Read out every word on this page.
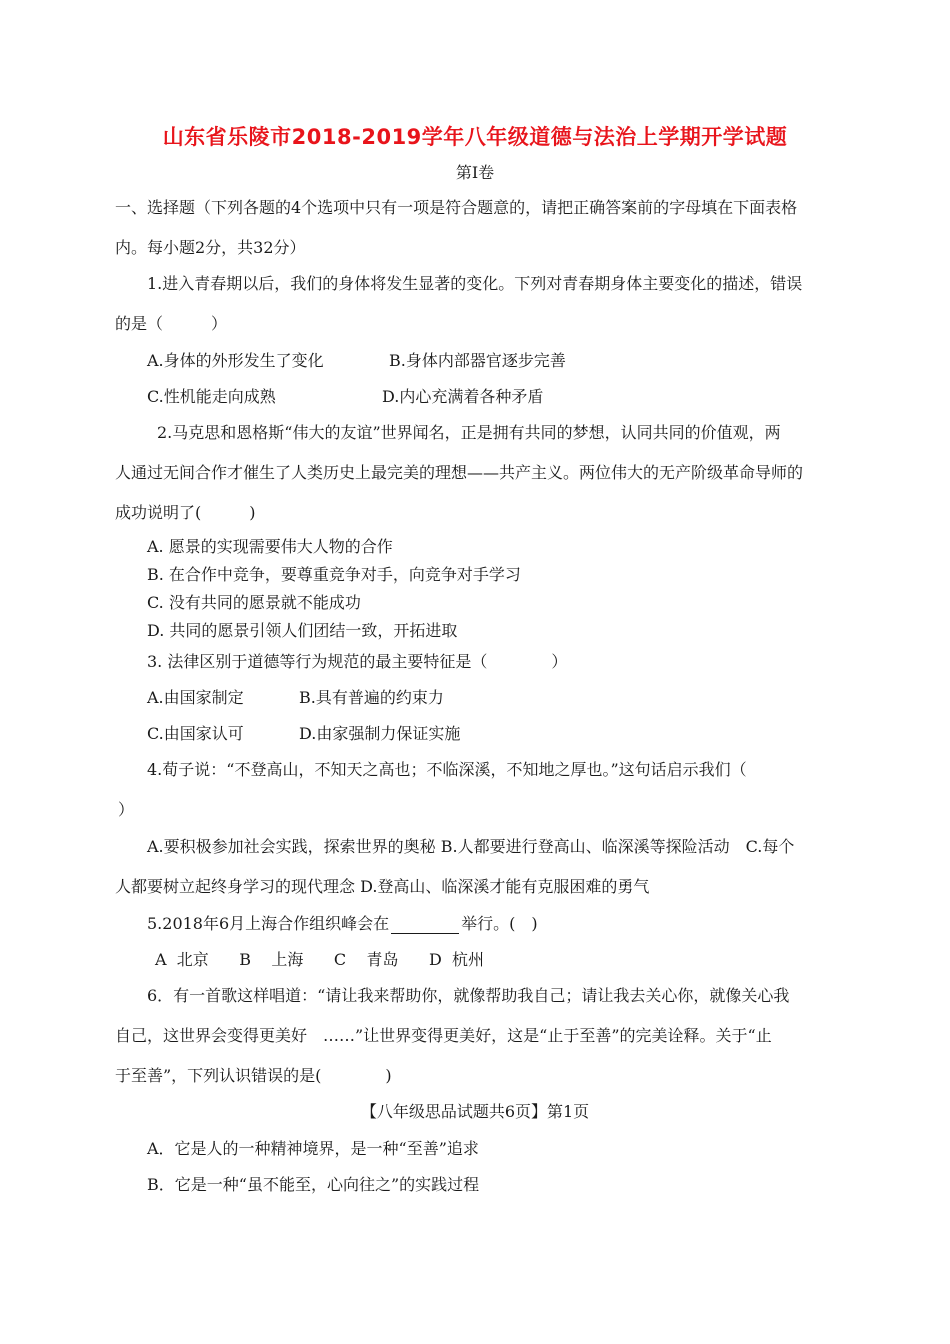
山东省乐陵市2018-2019学年八年级道德与法治上学期开学试题
第Ⅰ卷
一、选择题（下列各题的4个选项中只有一项是符合题意的，请把正确答案前的字母填在下面表格
内。每小题2分，共32分）
1.进入青春期以后，我们的身体将发生显著的变化。下列对青春期身体主要变化的描述，错误
的是（　　　）
A.身体的外形发生了变化	B.身体内部器官逐步完善
C.性机能走向成熟	D.内心充满着各种矛盾
2.马克思和恩格斯“伟大的友谊”世界闻名，正是拥有共同的梦想，认同共同的价值观，两
人通过无间合作才催生了人类历史上最完美的理想——共产主义。两位伟大的无产阶级革命导师的
成功说明了(　　　)
A. 愿景的实现需要伟大人物的合作
B. 在合作中竞争，要尊重竞争对手，向竞争对手学习
C. 没有共同的愿景就不能成功
D. 共同的愿景引领人们团结一致，开拓进取
3. 法律区别于道德等行为规范的最主要特征是（　　　　）
A.由国家制定	B.具有普遍的约束力
C.由国家认可	D.由家强制力保证实施
4.荀子说：“不登高山，不知天之高也；不临深溪，不知地之厚也。”这句话启示我们（
）
A.要积极参加社会实践，探索世界的奥秘 B.人都要进行登高山、临深溪等探险活动　C.每个
人都要树立起终身学习的现代理念 D.登高山、临深溪才能有克服困难的勇气
5.2018年6月上海合作组织峰会在	举行。(　)
A  北京      B    上海      C    青岛      D  杭州
6．有一首歌这样唱道：“请让我来帮助你，就像帮助我自己；请让我去关心你，就像关心我
自己，这世界会变得更美好　……”让世界变得更美好，这是“止于至善”的完美诠释。关于“止
于至善”，下列认识错误的是(　　　　)
【八年级思品试题共6页】第1页
A．它是人的一种精神境界，是一种“至善”追求
B．它是一种“虽不能至，心向往之”的实践过程
